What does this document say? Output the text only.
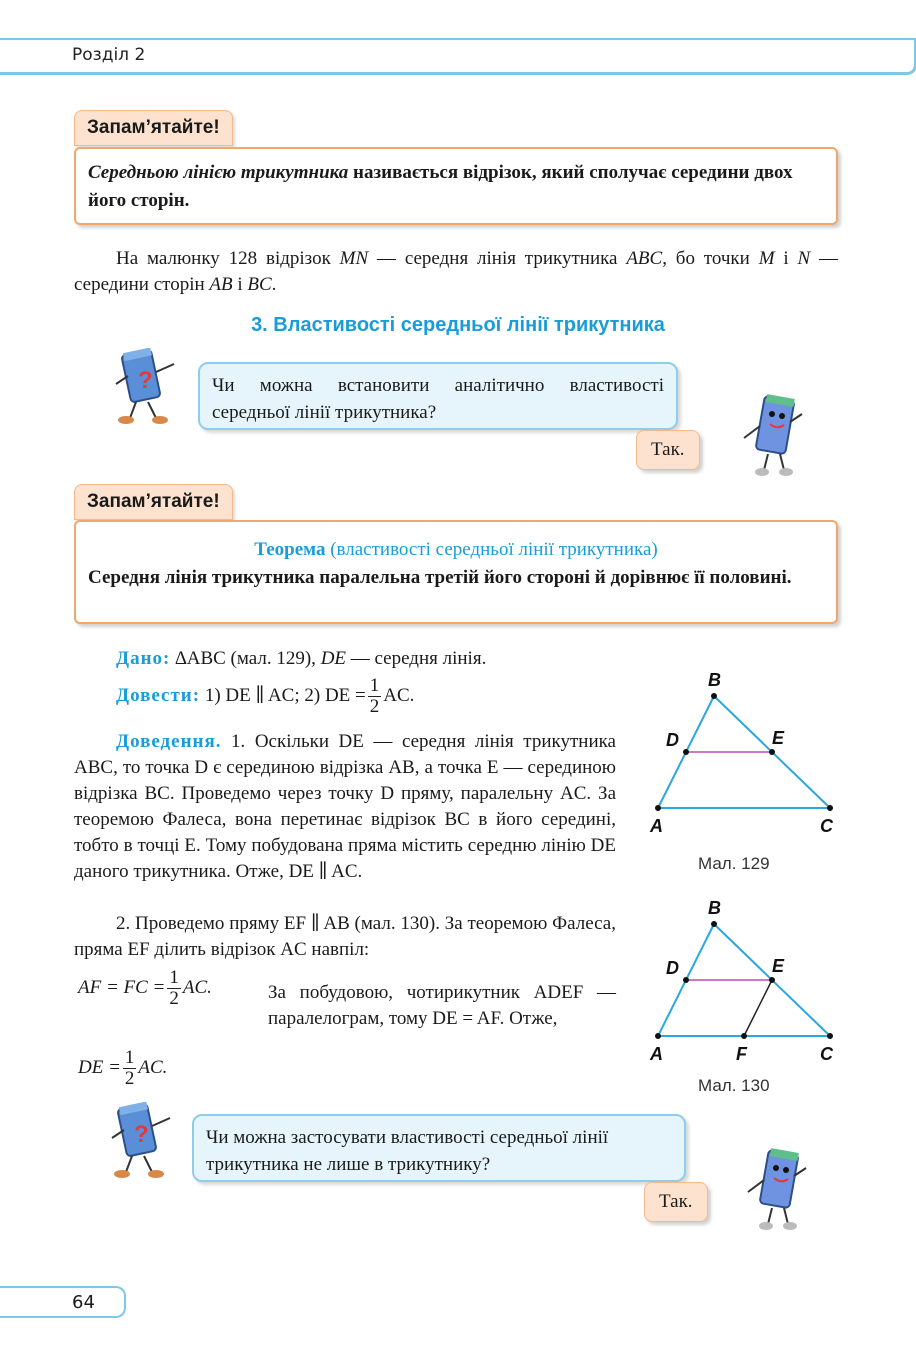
Розділ 2
Запам’ятайте!
Середньою лінією трикутника називається відрізок, який сполучає середини двох його сторін.
На малюнку 128 відрізок MN — середня лінія трикутника ABC, бо точки M і N — середини сторін AB і BC.
3. Властивості середньої лінії трикутника
?	Чи можна встановити аналітично властивості середньої лінії трикутника?
Так.
Запам’ятайте!
Теорема (властивості середньої лінії трикутника)
Середня лінія трикутника паралельна третій його стороні й дорівнює її половині.
Дано: ∆ABC (мал. 129), DE — середня лінія.
Довести: 1) DE ∥ AC; 2) DE = $\frac{1}{2}$ AC.
Доведення. 1. Оскільки DE — середня лінія трикутника ABC, то точка D є серединою відрізка AB, а точка E — серединою відрізка BC. Проведемо через точку D пряму, паралельну AC. За теоремою Фалеса, вона перетинає відрізок BC в його середині, тобто в точці E. Тому побудована пряма містить середню лінію DE даного трикутника. Отже, DE ∥ AC.
2. Проведемо пряму EF ∥ AB (мал. 130). За теоремою Фалеса, пряма EF ділить відрізок AC навпіл:
AF = FC = $\frac{1}{2}$ AC.	За побудовою, чотирикутник ADEF — паралелограм, тому DE = AF. Отже,
DE = $\frac{1}{2}$ AC.
B
D	E
A	C
Мал. 129
B
D	E
A	F	C
Мал. 130
?	Чи можна застосувати властивості середньої лінії трикутника не лише в трикутнику?
Так.
64
